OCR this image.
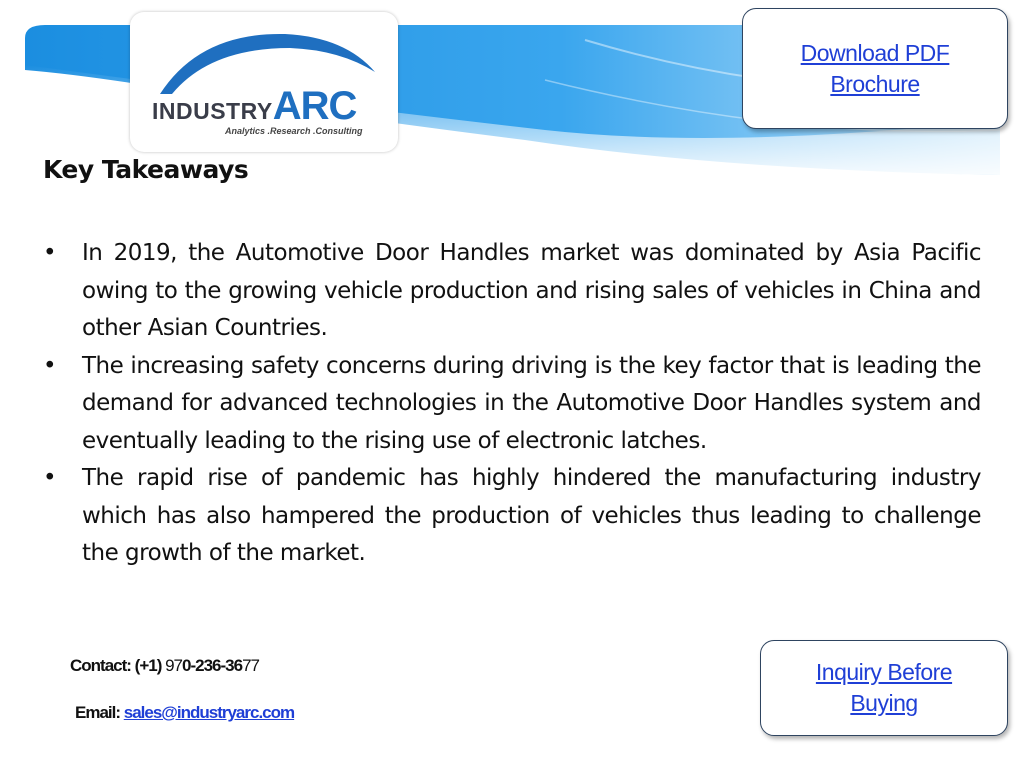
INDUSTRYARC
Analytics .Research .Consulting
Download PDF
Brochure
Key Takeaways
• In 2019, the Automotive Door Handles market was dominated by Asia Pacific owing to the growing vehicle production and rising sales of vehicles in China and other Asian Countries.
• The increasing safety concerns during driving is the key factor that is leading the demand for advanced technologies in the Automotive Door Handles system and eventually leading to the rising use of electronic latches.
• The rapid rise of pandemic has highly hindered the manufacturing industry which has also hampered the production of vehicles thus leading to challenge the growth of the market.
Contact: (+1) 970-236-3677
Email: sales@industryarc.com
Inquiry Before
Buying
